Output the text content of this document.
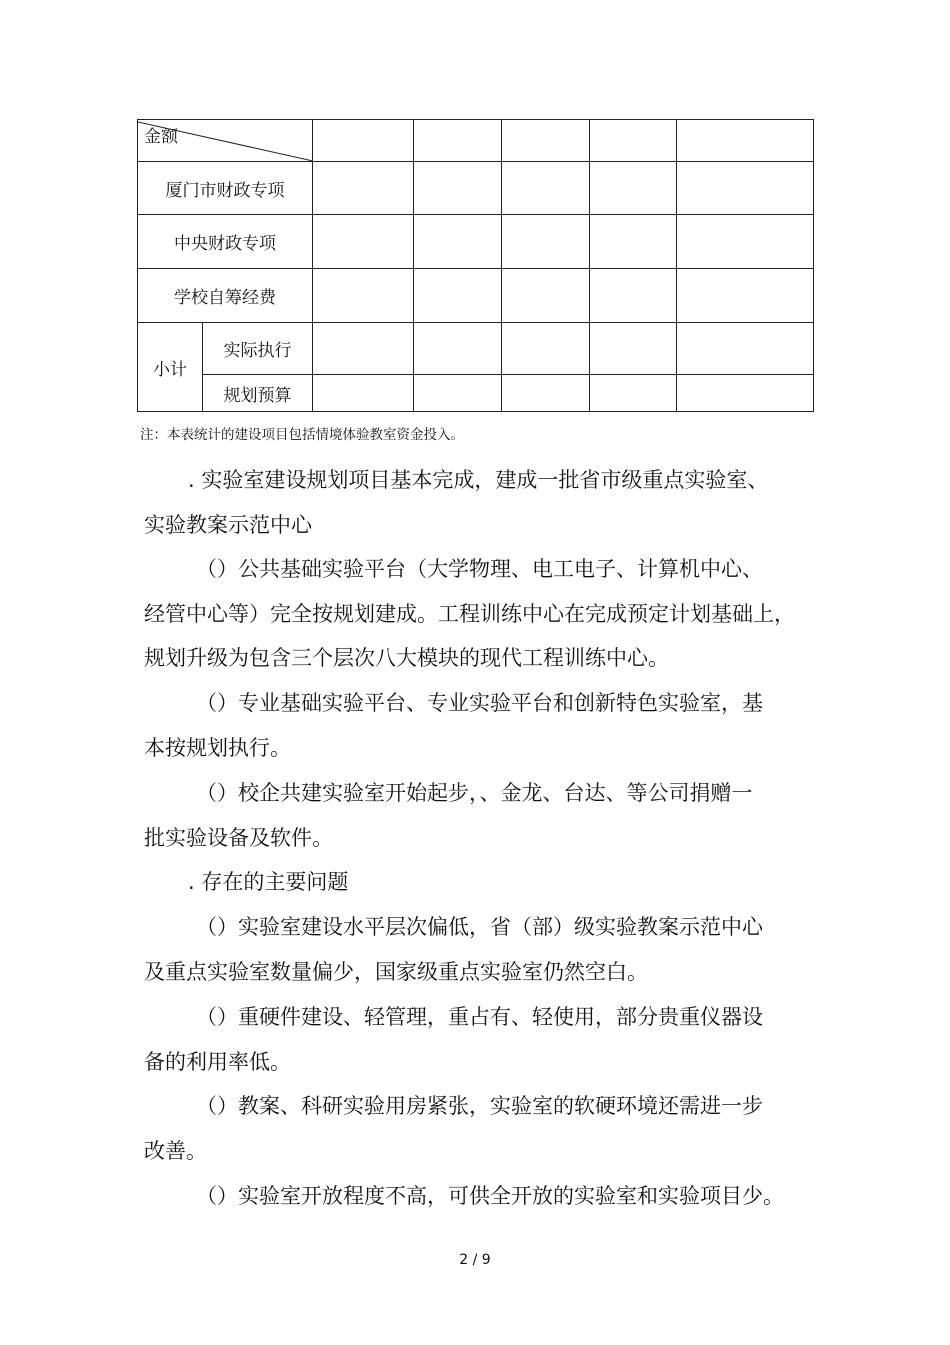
金额						

厦门市财政专项						
中央财政专项						
学校自筹经费						
小计	实际执行					
	规划预算					
注：本表统计的建设项目包括情境体验教室资金投入。
. 实验室建设规划项目基本完成，建成一批省市级重点实验室、
实验教案示范中心
（）公共基础实验平台（大学物理、电工电子、计算机中心、
经管中心等）完全按规划建成。工程训练中心在完成预定计划基础上，
规划升级为包含三个层次八大模块的现代工程训练中心。
（）专业基础实验平台、专业实验平台和创新特色实验室，基
本按规划执行。
（）校企共建实验室开始起步，、金龙、台达、等公司捐赠一
批实验设备及软件。
. 存在的主要问题
（）实验室建设水平层次偏低，省（部）级实验教案示范中心
及重点实验室数量偏少，国家级重点实验室仍然空白。
（）重硬件建设、轻管理，重占有、轻使用，部分贵重仪器设
备的利用率低。
（）教案、科研实验用房紧张，实验室的软硬环境还需进一步
改善。
（）实验室开放程度不高，可供全开放的实验室和实验项目少。
2 / 9
